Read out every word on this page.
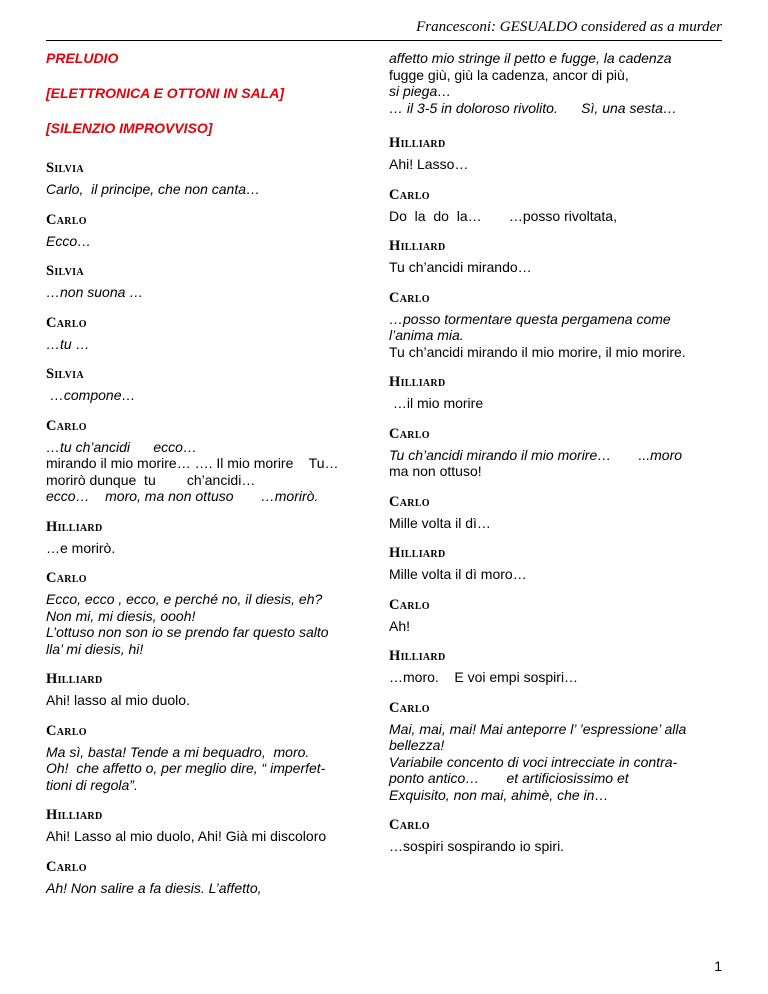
Francesconi: GESUALDO considered as a murder
PRELUDIO
[ELETTRONICA E OTTONI IN SALA]
[SILENZIO IMPROVVISO]
Silvia
Carlo,  il principe, che non canta…
Carlo
Ecco…
Silvia
…non suona …
Carlo
…tu …
Silvia
…compone…
Carlo
…tu ch’ancidi      ecco…
mirando il mio morire… …. Il mio morire    Tu…
morirò dunque  tu        ch’ancidi…
ecco…    moro, ma non ottuso       …morirò.
Hilliard
…e morirò.
Carlo
Ecco, ecco , ecco, e perché no, il diesis, eh?
Non mi, mi diesis, oooh!
L’ottuso non son io se prendo far questo salto
lla’ mi diesis, hi!
Hilliard
Ahi! lasso al mio duolo.
Carlo
Ma sì, basta! Tende a mi bequadro,  moro.
Oh!  che affetto o, per meglio dire, “ imperfet-
tioni di regola”.
Hilliard
Ahi! Lasso al mio duolo, Ahi! Già mi discoloro
Carlo
Ah! Non salire a fa diesis. L’affetto,
affetto mio stringe il petto e fugge, la cadenza
fugge giù, giù la cadenza, ancor di più,
si piega…
… il 3-5 in doloroso rivolito.      Sì, una sesta…
Hilliard
Ahi! Lasso…
Carlo
Do  la  do  la…       …posso rivoltata,
Hilliard
Tu ch’ancidi mirando…
Carlo
…posso tormentare questa pergamena come
l’anima mia.
Tu ch’ancidi mirando il mio morire, il mio morire.
Hilliard
…il mio morire
Carlo
Tu ch’ancidi mirando il mio morire…       ...moro
ma non ottuso!
Carlo
Mille volta il dì…
Hilliard
Mille volta il dì moro…
Carlo
Ah!
Hilliard
…moro.    E voi empi sospiri…
Carlo
Mai, mai, mai! Mai anteporre l’ ’espressione’ alla
bellezza!
Variabile concento di voci intrecciate in contra-
ponto antico…       et artificiosissimo et
Exquisito, non mai, ahimè, che in…
Carlo
…sospiri sospirando io spiri.
1
